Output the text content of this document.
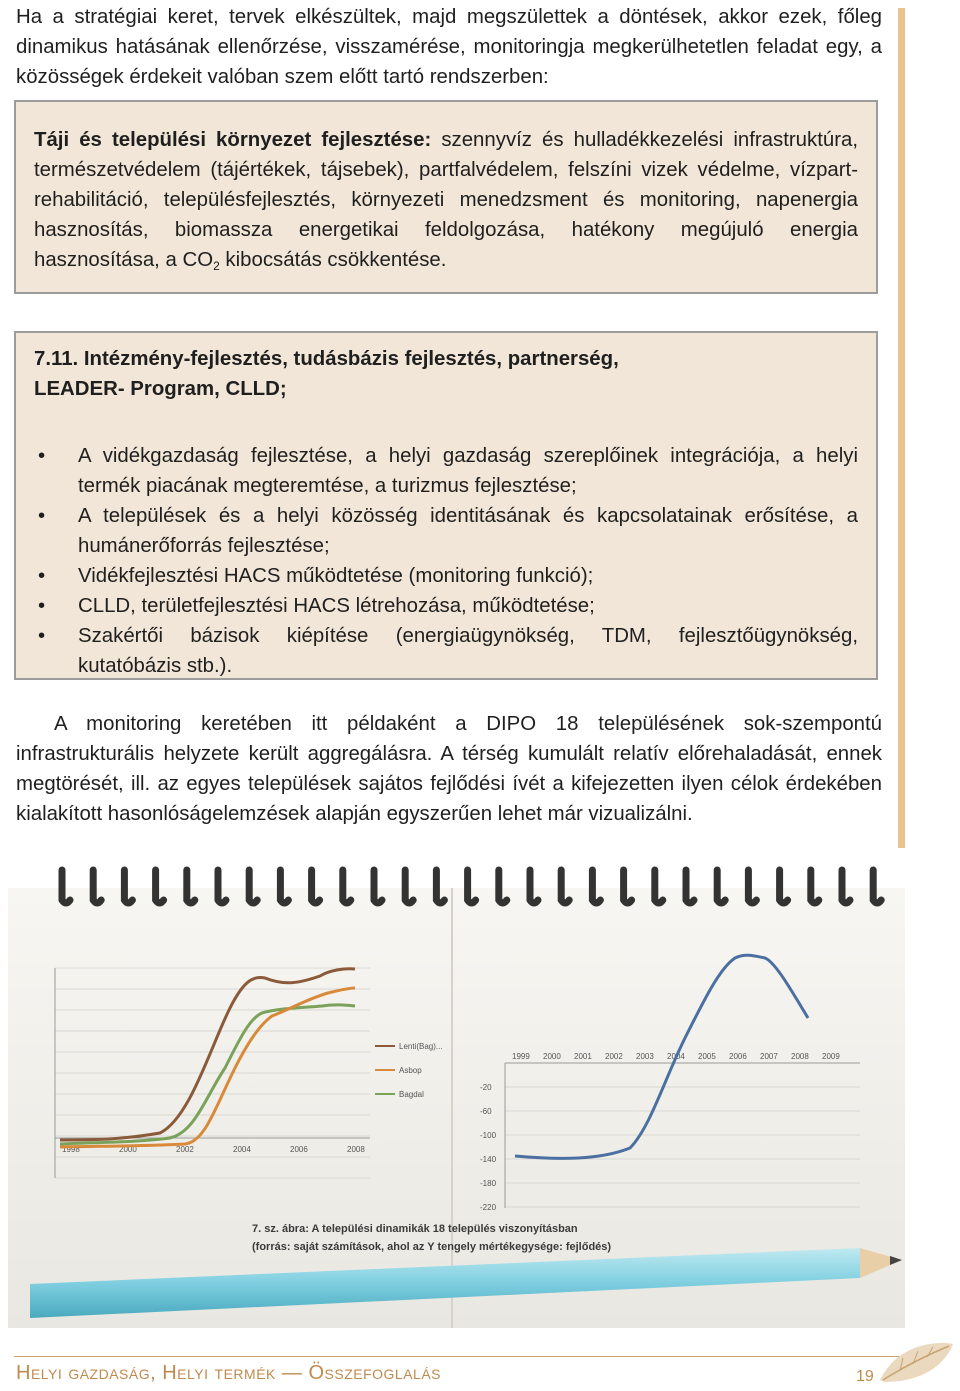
Ha a stratégiai keret, tervek elkészültek, majd megszülettek a döntések, akkor ezek, főleg dinamikus hatásának ellenőrzése, visszamérése, monitoringja megkerülhetetlen feladat egy, a közösségek érdekeit valóban szem előtt tartó rendszerben:

Táji és települési környezet fejlesztése: szennyvíz és hulladékkezelési infrastruktúra, természetvédelem (tájértékek, tájsebek), partfalvédelem, felszíni vizek védelme, vízpart-rehabilitáció, településfejlesztés, környezeti menedzsment és monitoring, napenergia hasznosítás, biomassza energetikai feldolgozása, hatékony megújuló energia hasznosítása, a $CO_2$ kibocsátás csökkentése.

7.11. Intézmény-fejlesztés, tudásbázis fejlesztés, partnerség,
LEADER- Program, CLLD;

• A vidékgazdaság fejlesztése, a helyi gazdaság szereplőinek integrációja, a helyi termék piacának megteremtése, a turizmus fejlesztése;
• A települések és a helyi közösség identitásának és kapcsolatainak erősítése, a humánerőforrás fejlesztése;
• Vidékfejlesztési HACS működtetése (monitoring funkció);
• CLLD, területfejlesztési HACS létrehozása, működtetése;
• Szakértői bázisok kiépítése (energiaügynökség, TDM, fejlesztőügynökség, kutatóbázis stb.).

A monitoring keretében itt példaként a DIPO 18 településének sok-szempontú infrastrukturális helyzete került aggregálásra. A térség kumulált relatív előrehaladását, ennek megtörését, ill. az egyes települések sajátos fejlődési ívét a kifejezetten ilyen célok érdekében kialakított hasonlóságelemzések alapján egyszerűen lehet már vizualizálni.

1998	2000	2002	2004	2006	2008
Lenti(Bag)...
Asbop
Bagdal
1999 2000 2001 2002 2003 2004 2005 2006 2007 2008 2009
-20
-60
-100
-140
-180
-220
7. sz. ábra: A települési dinamikák 18 település viszonyításban
(forrás: saját számítások, ahol az Y tengely mértékegysége: fejlődés)
Helyi gazdaság, Helyi termék — Összefoglalás	19
